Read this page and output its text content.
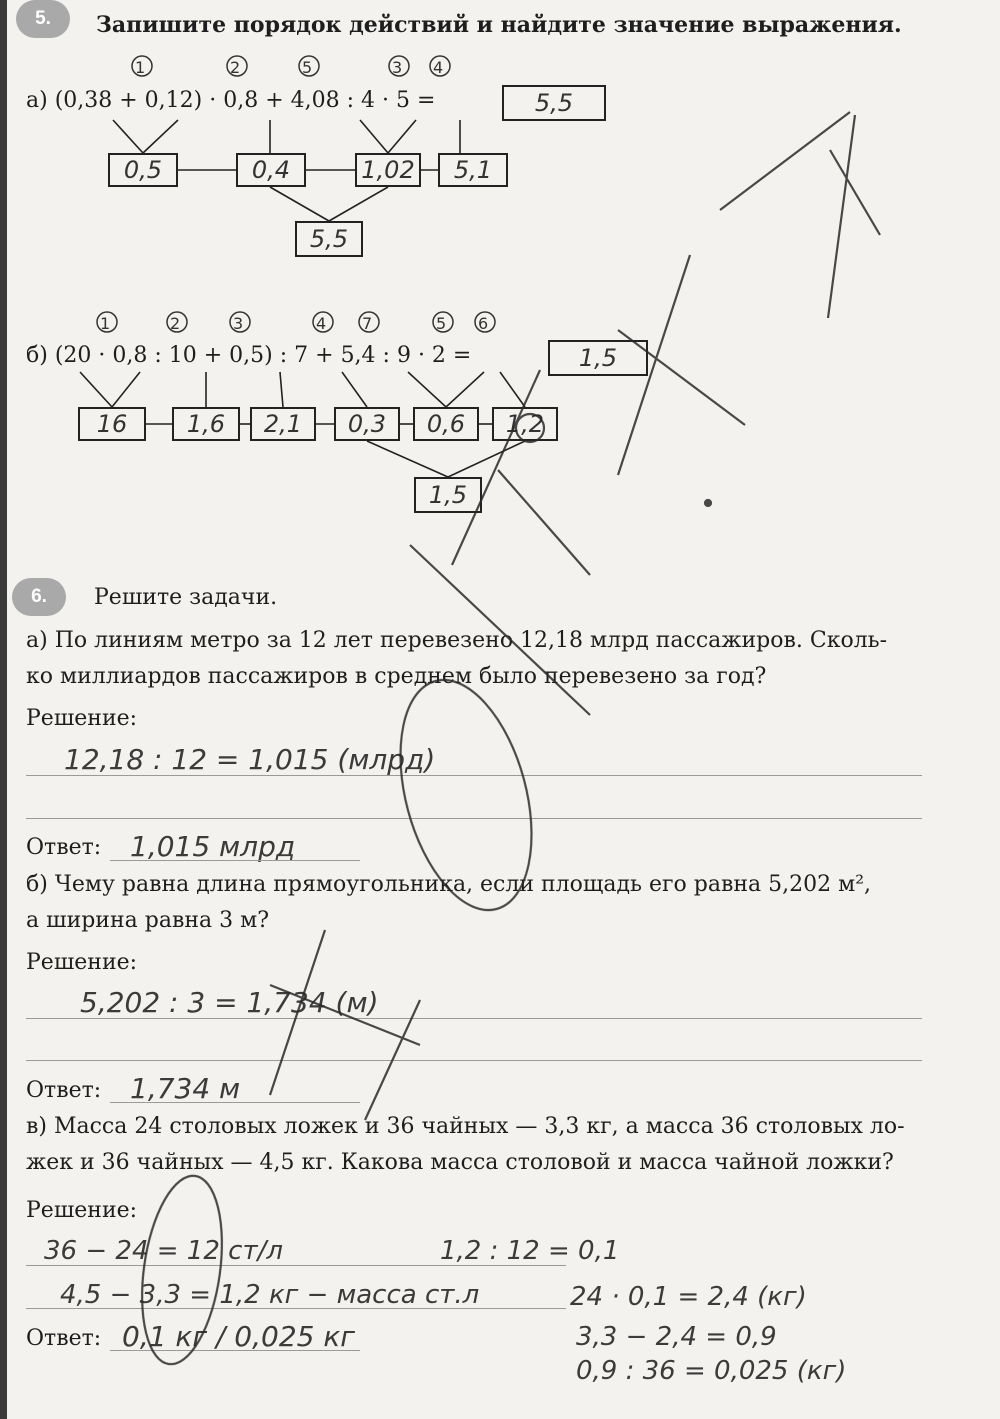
5.	Запишите порядок действий и найдите значение выражения.
1	2	5	3 4
а) (0,38 + 0,12) · 0,8 + 4,08 : 4 · 5 =	5,5
0,5	0,4	1,02	5,1
5,5
1	2	3	4 7	5 6
б) (20 · 0,8 : 10 + 0,5) : 7 + 5,4 : 9 · 2 =	1,5
16	1,6	2,1	0,3	0,6	1,2
1,5
6.	Решите задачи.
а) По линиям метро за 12 лет перевезено 12,18 млрд пассажиров. Сколь-
ко миллиардов пассажиров в среднем было перевезено за год?
Решение:
12,18 : 12 = 1,015 (млрд)
Ответ: 1,015 млрд
б) Чему равна длина прямоугольника, если площадь его равна 5,202 м²,
а ширина равна 3 м?
Решение:
5,202 : 3 = 1,734 (м)
Ответ: 1,734 м
в) Масса 24 столовых ложек и 36 чайных — 3,3 кг, а масса 36 столовых ло-
жек и 36 чайных — 4,5 кг. Какова масса столовой и масса чайной ложки?
Решение:
36 − 24 = 12 ст/л
4,5 − 3,3 = 1,2 кг − масса ст.л
1,2 : 12 = 0,1
24 · 0,1 = 2,4 (кг)
3,3 − 2,4 = 0,9
0,9 : 36 = 0,025 (кг)
Ответ: 0,1 кг / 0,025 кг
